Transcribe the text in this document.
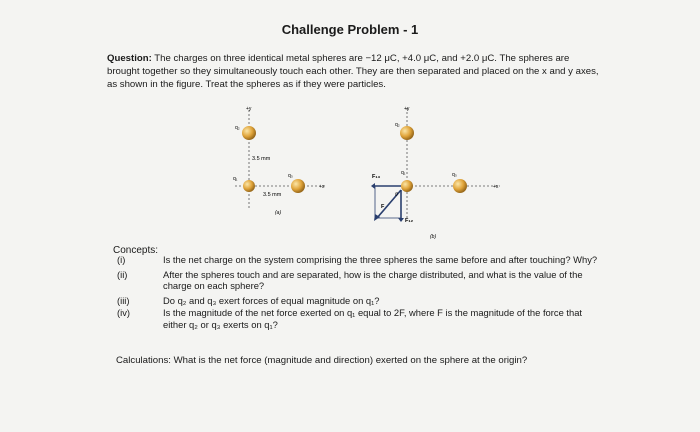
Challenge Problem - 1
Question: The charges on three identical metal spheres are −12 μC, +4.0 μC, and +2.0 μC. The spheres are brought together so they simultaneously touch each other. They are then separated and placed on the x and y axes, as shown in the figure. Treat the spheres as if they were particles.
+y
+x
q₂
q₁	q₃
3.5 mm
3.5 mm
(a)
+y
+x
q₂
q₁	q₃
F₁₃
θ
F
F₁₂
(b)
Concepts:
(i)	Is the net charge on the system comprising the three spheres the same before and after touching? Why?
(ii)	After the spheres touch and are separated, how is the charge distributed, and what is the value of the charge on each sphere?
(iii)	Do q₂ and q₃ exert forces of equal magnitude on q₁?
(iv)	Is the magnitude of the net force exerted on q₁ equal to 2F, where F is the magnitude of the force that either q₂ or q₃ exerts on q₁?
Calculations: What is the net force (magnitude and direction) exerted on the sphere at the origin?
